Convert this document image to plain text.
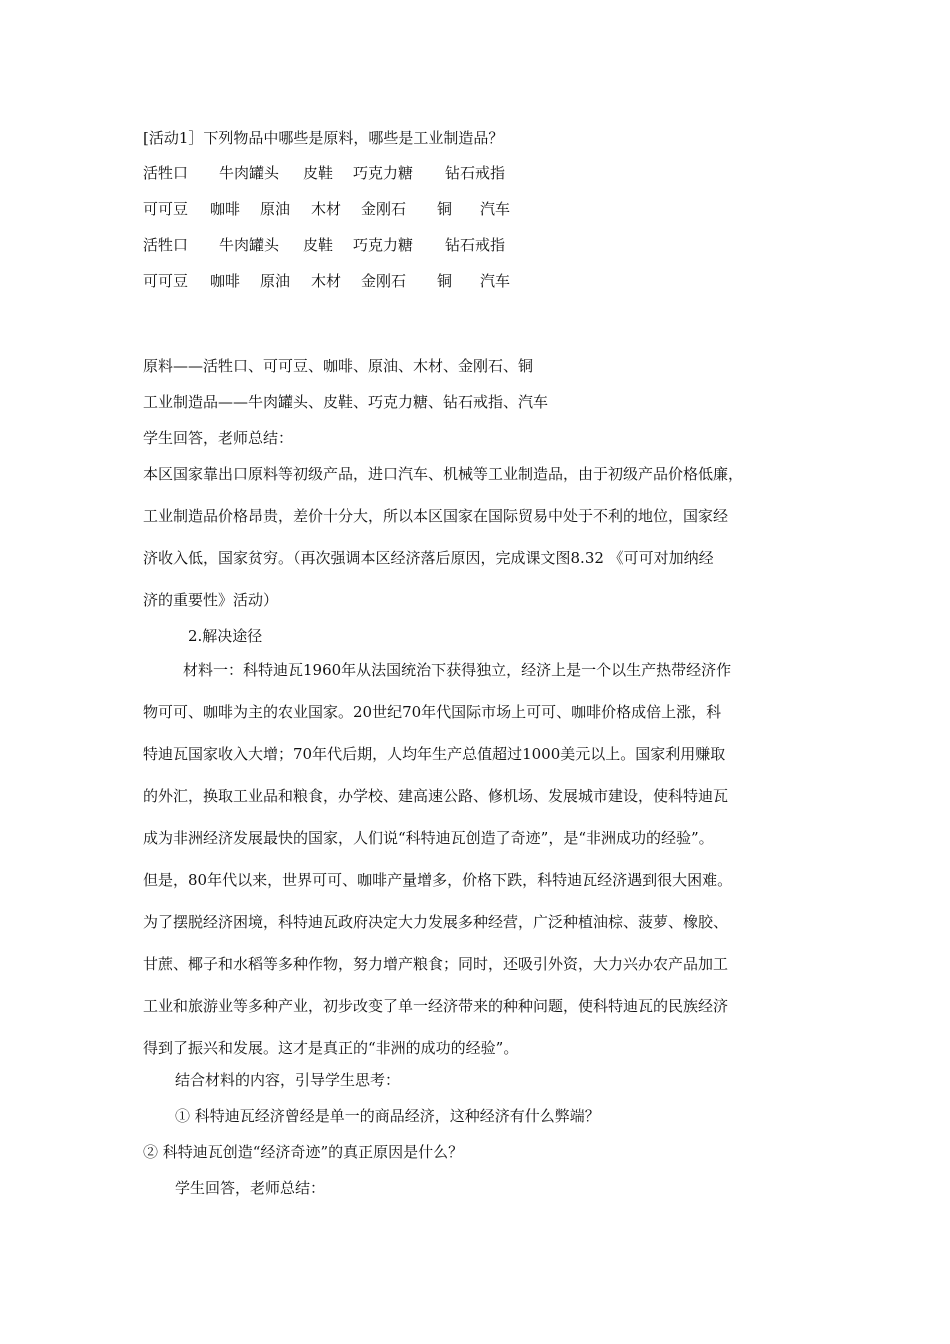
[活动1］下列物品中哪些是原料，哪些是工业制造品？
活牲口 牛肉罐头 皮鞋 巧克力糖 钻石戒指
可可豆 咖啡 原油 木材 金刚石 铜 汽车
活牲口 牛肉罐头 皮鞋 巧克力糖 钻石戒指
可可豆 咖啡 原油 木材 金刚石 铜 汽车
原料——活牲口、可可豆、咖啡、原油、木材、金刚石、铜
工业制造品——牛肉罐头、皮鞋、巧克力糖、钻石戒指、汽车
学生回答，老师总结：
本区国家靠出口原料等初级产品，进口汽车、机械等工业制造品，由于初级产品价格低廉，
工业制造品价格昂贵，差价十分大，所以本区国家在国际贸易中处于不利的地位，国家经
济收入低，国家贫穷。（再次强调本区经济落后原因，完成课文图8.32 《可可对加纳经
济的重要性》活动）
2.解决途径
材料一：科特迪瓦1960年从法国统治下获得独立，经济上是一个以生产热带经济作
物可可、咖啡为主的农业国家。20世纪70年代国际市场上可可、咖啡价格成倍上涨，科
特迪瓦国家收入大增；70年代后期，人均年生产总值超过1000美元以上。国家利用赚取
的外汇，换取工业品和粮食，办学校、建高速公路、修机场、发展城市建设，使科特迪瓦
成为非洲经济发展最快的国家，人们说“科特迪瓦创造了奇迹”，是“非洲成功的经验”。
但是，80年代以来，世界可可、咖啡产量增多，价格下跌，科特迪瓦经济遇到很大困难。
为了摆脱经济困境，科特迪瓦政府决定大力发展多种经营，广泛种植油棕、菠萝、橡胶、
甘蔗、椰子和水稻等多种作物，努力增产粮食；同时，还吸引外资，大力兴办农产品加工
工业和旅游业等多种产业，初步改变了单一经济带来的种种问题，使科特迪瓦的民族经济
得到了振兴和发展。这才是真正的“非洲的成功的经验”。
结合材料的内容，引导学生思考：
① 科特迪瓦经济曾经是单一的商品经济，这种经济有什么弊端？
② 科特迪瓦创造“经济奇迹”的真正原因是什么？
学生回答，老师总结：
